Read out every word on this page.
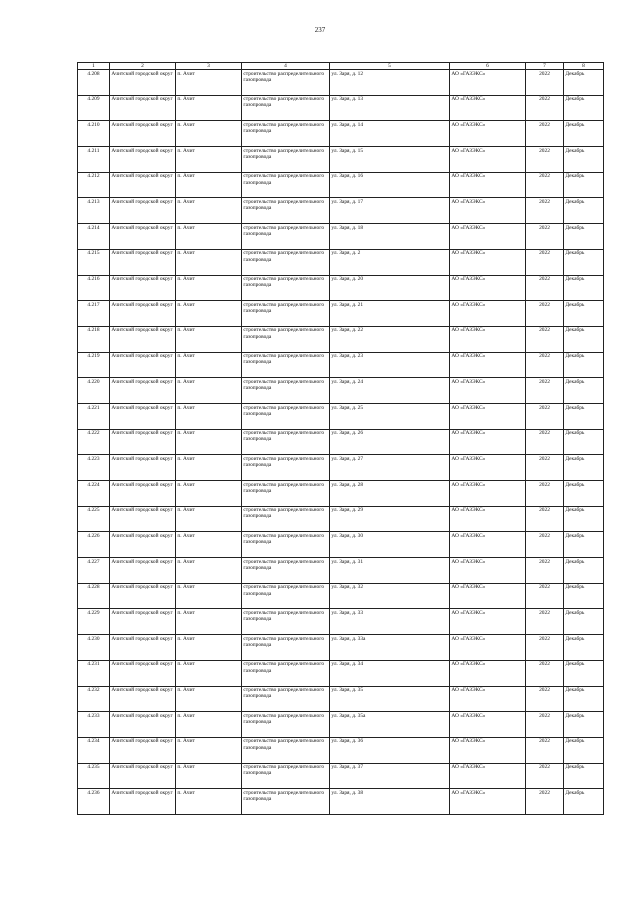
237
1	2	3	4	5	6	7	8
4.208	Ачитский городской округ	п. Ачит	строительство распределительного газопровода	ул. Заря, д. 12	АО «ГАЗЭКС»	2022	Декабрь
4.209	Ачитский городской округ	п. Ачит	строительство распределительного газопровода	ул. Заря, д. 13	АО «ГАЗЭКС»	2022	Декабрь
4.210	Ачитский городской округ	п. Ачит	строительство распределительного газопровода	ул. Заря, д. 14	АО «ГАЗЭКС»	2022	Декабрь
4.211	Ачитский городской округ	п. Ачит	строительство распределительного газопровода	ул. Заря, д. 15	АО «ГАЗЭКС»	2022	Декабрь
4.212	Ачитский городской округ	п. Ачит	строительство распределительного газопровода	ул. Заря, д. 16	АО «ГАЗЭКС»	2022	Декабрь
4.213	Ачитский городской округ	п. Ачит	строительство распределительного газопровода	ул. Заря, д. 17	АО «ГАЗЭКС»	2022	Декабрь
4.214	Ачитский городской округ	п. Ачит	строительство распределительного газопровода	ул. Заря, д. 18	АО «ГАЗЭКС»	2022	Декабрь
4.215	Ачитский городской округ	п. Ачит	строительство распределительного газопровода	ул. Заря, д. 2	АО «ГАЗЭКС»	2022	Декабрь
4.216	Ачитский городской округ	п. Ачит	строительство распределительного газопровода	ул. Заря, д. 20	АО «ГАЗЭКС»	2022	Декабрь
4.217	Ачитский городской округ	п. Ачит	строительство распределительного газопровода	ул. Заря, д. 21	АО «ГАЗЭКС»	2022	Декабрь
4.218	Ачитский городской округ	п. Ачит	строительство распределительного газопровода	ул. Заря, д. 22	АО «ГАЗЭКС»	2022	Декабрь
4.219	Ачитский городской округ	п. Ачит	строительство распределительного газопровода	ул. Заря, д. 23	АО «ГАЗЭКС»	2022	Декабрь
4.220	Ачитский городской округ	п. Ачит	строительство распределительного газопровода	ул. Заря, д. 24	АО «ГАЗЭКС»	2022	Декабрь
4.221	Ачитский городской округ	п. Ачит	строительство распределительного газопровода	ул. Заря, д. 25	АО «ГАЗЭКС»	2022	Декабрь
4.222	Ачитский городской округ	п. Ачит	строительство распределительного газопровода	ул. Заря, д. 26	АО «ГАЗЭКС»	2022	Декабрь
4.223	Ачитский городской округ	п. Ачит	строительство распределительного газопровода	ул. Заря, д. 27	АО «ГАЗЭКС»	2022	Декабрь
4.224	Ачитский городской округ	п. Ачит	строительство распределительного газопровода	ул. Заря, д. 28	АО «ГАЗЭКС»	2022	Декабрь
4.225	Ачитский городской округ	п. Ачит	строительство распределительного газопровода	ул. Заря, д. 29	АО «ГАЗЭКС»	2022	Декабрь
4.226	Ачитский городской округ	п. Ачит	строительство распределительного газопровода	ул. Заря, д. 30	АО «ГАЗЭКС»	2022	Декабрь
4.227	Ачитский городской округ	п. Ачит	строительство распределительного газопровода	ул. Заря, д. 31	АО «ГАЗЭКС»	2022	Декабрь
4.228	Ачитский городской округ	п. Ачит	строительство распределительного газопровода	ул. Заря, д. 32	АО «ГАЗЭКС»	2022	Декабрь
4.229	Ачитский городской округ	п. Ачит	строительство распределительного газопровода	ул. Заря, д. 33	АО «ГАЗЭКС»	2022	Декабрь
4.230	Ачитский городской округ	п. Ачит	строительство распределительного газопровода	ул. Заря, д. 33а	АО «ГАЗЭКС»	2022	Декабрь
4.231	Ачитский городской округ	п. Ачит	строительство распределительного газопровода	ул. Заря, д. 34	АО «ГАЗЭКС»	2022	Декабрь
4.232	Ачитский городской округ	п. Ачит	строительство распределительного газопровода	ул. Заря, д. 35	АО «ГАЗЭКС»	2022	Декабрь
4.233	Ачитский городской округ	п. Ачит	строительство распределительного газопровода	ул. Заря, д. 35а	АО «ГАЗЭКС»	2022	Декабрь
4.234	Ачитский городской округ	п. Ачит	строительство распределительного газопровода	ул. Заря, д. 36	АО «ГАЗЭКС»	2022	Декабрь
4.235	Ачитский городской округ	п. Ачит	строительство распределительного газопровода	ул. Заря, д. 37	АО «ГАЗЭКС»	2022	Декабрь
4.236	Ачитский городской округ	п. Ачит	строительство распределительного газопровода	ул. Заря, д. 38	АО «ГАЗЭКС»	2022	Декабрь
